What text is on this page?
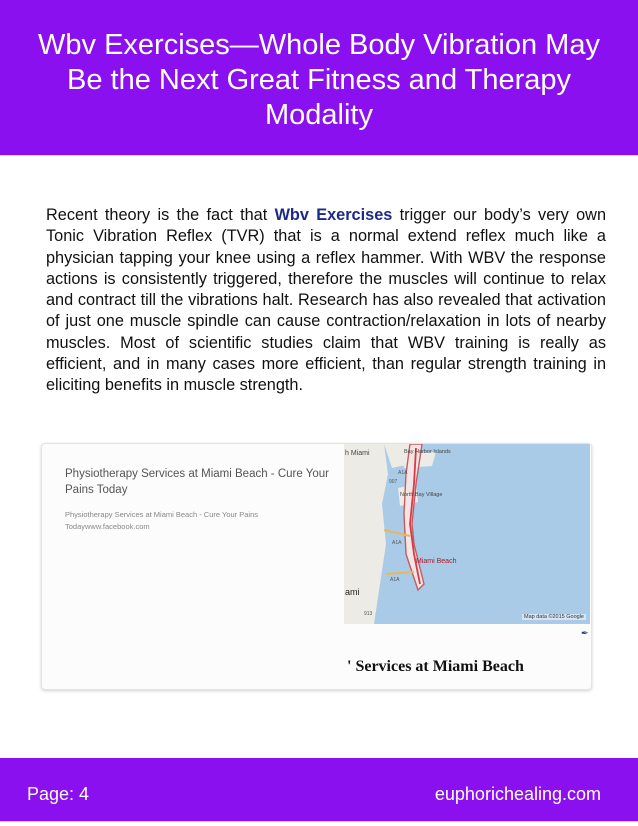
Wbv Exercises—Whole Body Vibration May Be the Next Great Fitness and Therapy Modality

Recent theory is the fact that Wbv Exercises trigger our body’s very own Tonic Vibration Reflex (TVR) that is a normal extend reflex much like a physician tapping your knee using a reflex hammer. With WBV the response actions is consistently triggered, therefore the muscles will continue to relax and contract till the vibrations halt. Research has also revealed that activation of just one muscle spindle can cause contraction/relaxation in lots of nearby muscles. Most of scientific studies claim that WBV training is really as efficient, and in many cases more efficient, than regular strength training in eliciting benefits in muscle strength.

Physiotherapy Services at Miami Beach - Cure Your Pains Today

Physiotherapy Services at Miami Beach - Cure Your Pains Todaywww.facebook.com

h Miami	Bay Harbor Islands
North Bay Village
Miami Beach
ami
907
A1A
A1A
A1A
913	Map data ©2015 Google
✒
' Services at Miami Beach
Page: 4	euphorichealing.com
